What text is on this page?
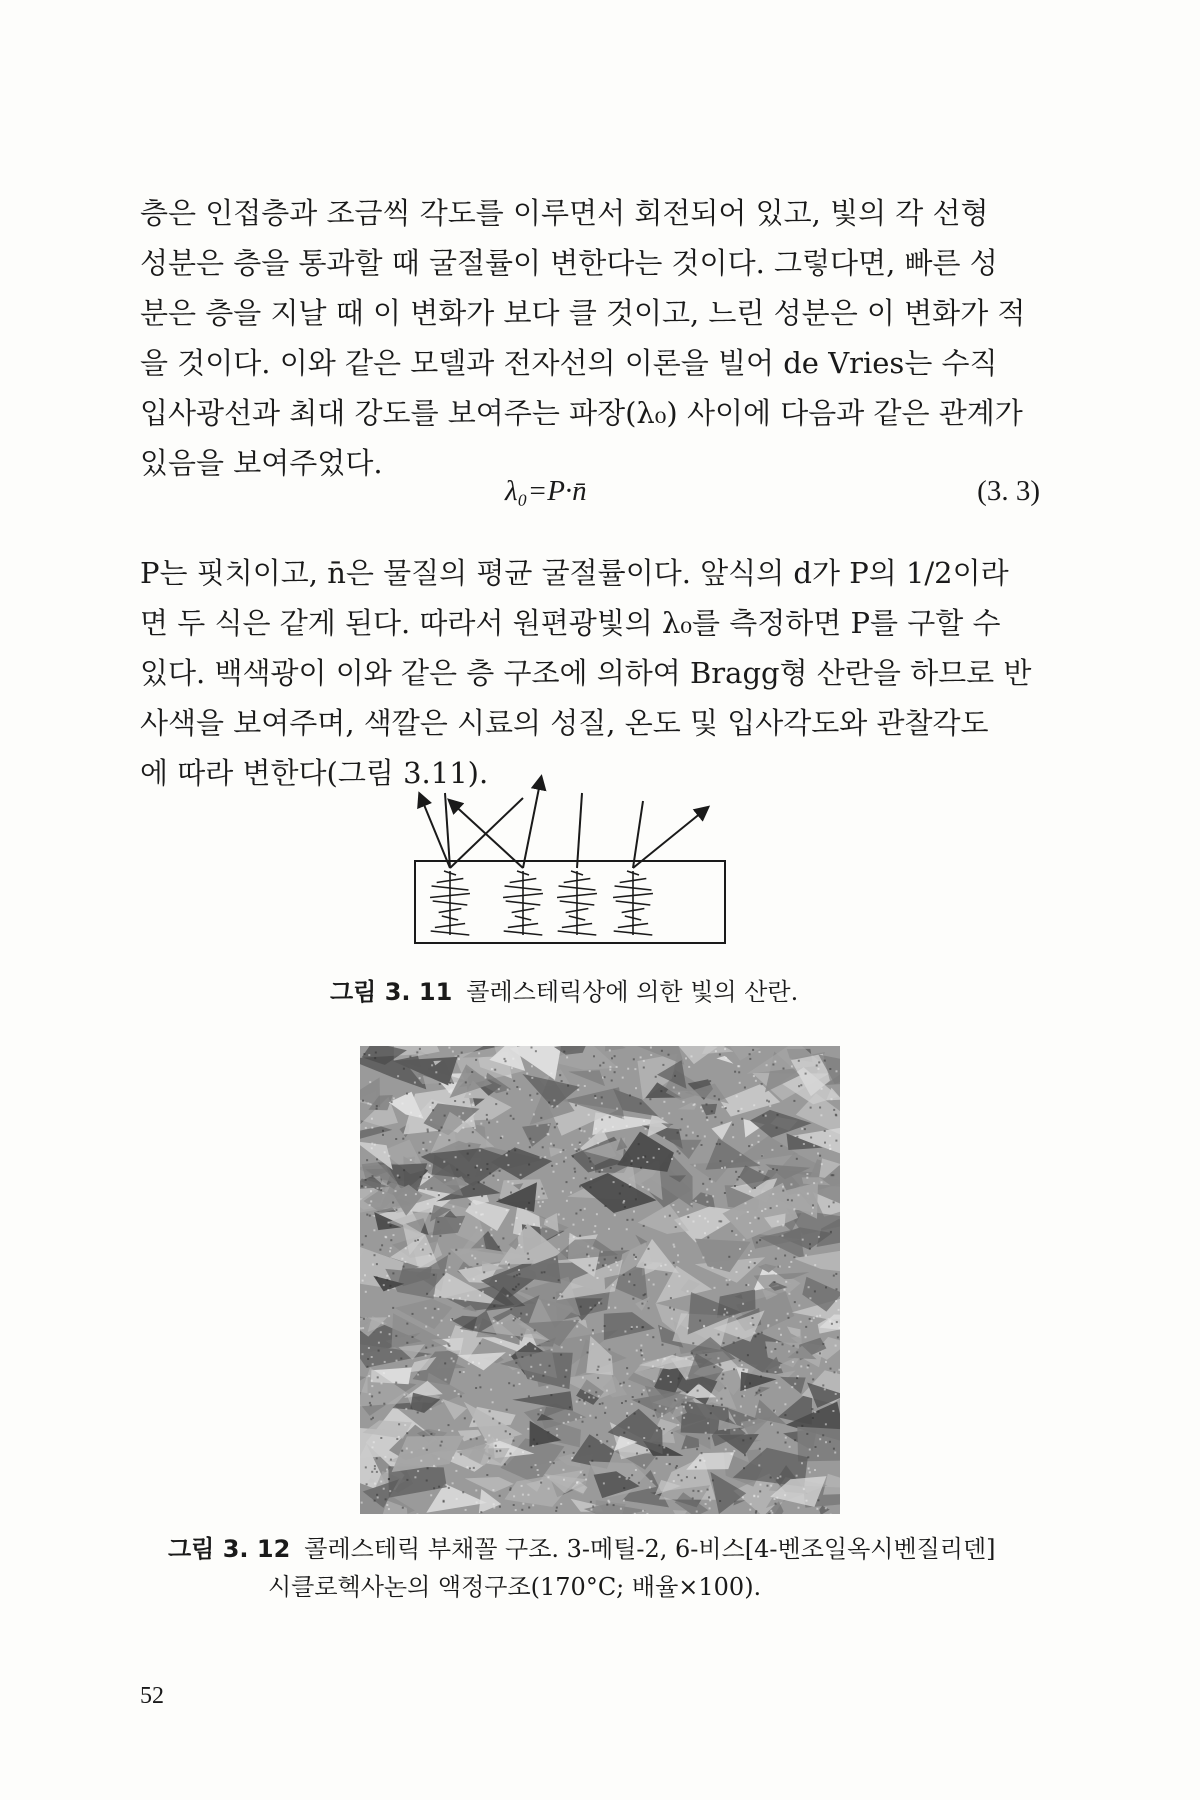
층은 인접층과 조금씩 각도를 이루면서 회전되어 있고, 빛의 각 선형
성분은 층을 통과할 때 굴절률이 변한다는 것이다. 그렇다면, 빠른 성
분은 층을 지날 때 이 변화가 보다 클 것이고, 느린 성분은 이 변화가 적
을 것이다. 이와 같은 모델과 전자선의 이론을 빌어 de Vries는 수직
입사광선과 최대 강도를 보여주는 파장(λ₀) 사이에 다음과 같은 관계가
있음을 보여주었다.

λ₀=P·n̄	(3. 3)

P는 핏치이고, n̄은 물질의 평균 굴절률이다. 앞식의 d가 P의 1/2이라
면 두 식은 같게 된다. 따라서 원편광빛의 λ₀를 측정하면 P를 구할 수
있다. 백색광이 이와 같은 층 구조에 의하여 Bragg형 산란을 하므로 반
사색을 보여주며, 색깔은 시료의 성질, 온도 및 입사각도와 관찰각도
에 따라 변한다(그림 3.11).

그림 3. 11 콜레스테릭상에 의한 빛의 산란.
그림 3. 12 콜레스테릭 부채꼴 구조. 3-메틸-2, 6-비스[4-벤조일옥시벤질리덴]
시클로헥사논의 액정구조(170°C; 배율×100).
52
